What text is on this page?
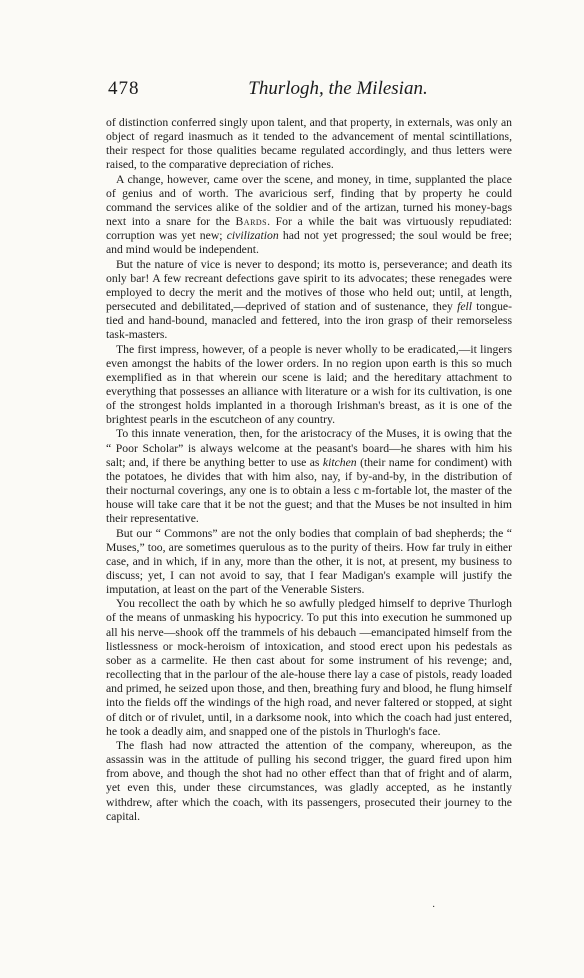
478	Thurlogh, the Milesian.

of distinction conferred singly upon talent, and that property, in externals, was only an object of regard inasmuch as it tended to the advancement of mental scintillations, their respect for those qualities became regulated accordingly, and thus letters were raised, to the comparative depreciation of riches.

A change, however, came over the scene, and money, in time, supplanted the place of genius and of worth. The avaricious serf, finding that by property he could command the services alike of the soldier and of the artizan, turned his money-bags next into a snare for the Bards. For a while the bait was virtuously repudiated: corruption was yet new; civilization had not yet progressed; the soul would be free; and mind would be independent.

But the nature of vice is never to despond; its motto is, perseverance; and death its only bar! A few recreant defections gave spirit to its advocates; these renegades were employed to decry the merit and the motives of those who held out; until, at length, persecuted and debilitated,—deprived of station and of sustenance, they fell tongue-tied and hand-bound, manacled and fettered, into the iron grasp of their remorseless task-masters.

The first impress, however, of a people is never wholly to be eradicated,—it lingers even amongst the habits of the lower orders. In no region upon earth is this so much exemplified as in that wherein our scene is laid; and the hereditary attachment to everything that possesses an alliance with literature or a wish for its cultivation, is one of the strongest holds implanted in a thorough Irishman's breast, as it is one of the brightest pearls in the escutcheon of any country.

To this innate veneration, then, for the aristocracy of the Muses, it is owing that the “ Poor Scholar” is always welcome at the peasant's board—he shares with him his salt; and, if there be anything better to use as kitchen (their name for condiment) with the potatoes, he divides that with him also, nay, if by-and-by, in the distribution of their nocturnal coverings, any one is to obtain a less c m-fortable lot, the master of the house will take care that it be not the guest; and that the Muses be not insulted in him their representative.

But our “ Commons” are not the only bodies that complain of bad shepherds; the “ Muses,” too, are sometimes querulous as to the purity of theirs. How far truly in either case, and in which, if in any, more than the other, it is not, at present, my business to discuss; yet, I can not avoid to say, that I fear Madigan's example will justify the imputation, at least on the part of the Venerable Sisters.

You recollect the oath by which he so awfully pledged himself to deprive Thurlogh of the means of unmasking his hypocricy. To put this into execution he summoned up all his nerve—shook off the trammels of his debauch —emancipated himself from the listlessness or mock-heroism of intoxication, and stood erect upon his pedestals as sober as a carmelite. He then cast about for some instrument of his revenge; and, recollecting that in the parlour of the ale-house there lay a case of pistols, ready loaded and primed, he seized upon those, and then, breathing fury and blood, he flung himself into the fields off the windings of the high road, and never faltered or stopped, at sight of ditch or of rivulet, until, in a darksome nook, into which the coach had just entered, he took a deadly aim, and snapped one of the pistols in Thurlogh's face.

The flash had now attracted the attention of the company, whereupon, as the assassin was in the attitude of pulling his second trigger, the guard fired upon him from above, and though the shot had no other effect than that of fright and of alarm, yet even this, under these circumstances, was gladly accepted, as he instantly withdrew, after which the coach, with its passengers, prosecuted their journey to the capital.

·
